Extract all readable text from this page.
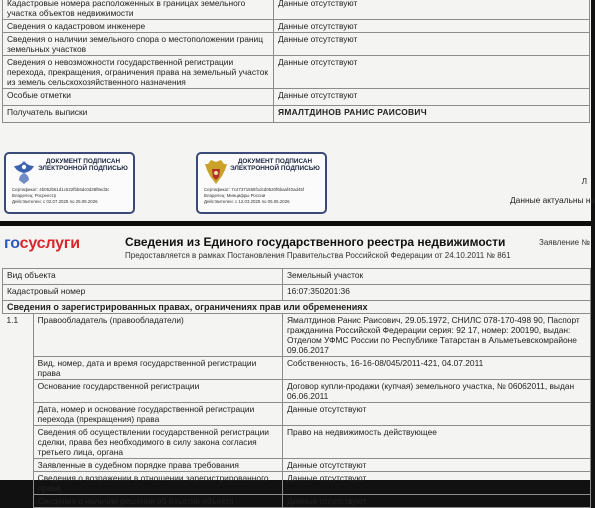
Кадастровые номера расположенных в границах земельного участка объектов недвижимости	Данные отсутствуют
Сведения о кадастровом инженере	Данные отсутствуют
Сведения о наличии земельного спора о местоположении границ земельных участков	Данные отсутствуют
Сведения о невозможности государственной регистрации перехода, прекращения, ограничения права на земельный участок из земель сельскохозяйственного назначения	Данные отсутствуют
Особые отметки	Данные отсутствуют
Получатель выписки	ЯМАЛТДИНОВ РАНИС РАИСОВИЧ
ДОКУМЕНТ ПОДПИСАН ЭЛЕКТРОННОЙ ПОДПИСЬЮ
Сертификат: 4b052b61d1c522fbb6dc0d38f8ed3c
Владелец: Росреестр
Действителен: с 02.07.2025 по 25.09.2026
ДОКУМЕНТ ПОДПИСАН ЭЛЕКТРОННОЙ ПОДПИСЬЮ
Сертификат: 7c47371568f1dcd0520f6baaf40ad45f
Владелец: Минцифры России
Действителен: с 12.03.2025 по 05.06.2026
Л
Данные актуальны на
госуслуги	Сведения из Единого государственного реестра недвижимости
Предоставляется в рамках Постановления Правительства Российской Федерации от 24.10.2011 № 861
Заявление №
Вид объекта		Земельный участок
Кадастровый номер		16:07:350201:36
Сведения о зарегистрированных правах, ограничениях прав или обременениях		
1.1	Правообладатель (правообладатели)	Ямалтдинов Ранис Раисович, 29.05.1972, СНИЛС 078-170-498 90, Паспорт гражданина Российской Федерации серия: 92 17, номер: 200190, выдан: Отделом УФМС России по Республике Татарстан в Альметьевскомрайоне 09.06.2017
	Вид, номер, дата и время государственной регистрации права	Собственность, 16-16-08/045/2011-421, 04.07.2011
	Основание государственной регистрации	Договор купли-продажи (купчая) земельного участка, № 06062011, выдан 06.06.2011
	Дата, номер и основание государственной регистрации перехода (прекращения) права	Данные отсутствуют
	Сведения об осуществлении государственной регистрации сделки, права без необходимого в силу закона согласия третьего лица, органа	Право на недвижимость действующее
	Заявленные в судебном порядке права требования	Данные отсутствуют
	Сведения о возражении в отношении зарегистрированного права	Данные отсутствуют
	Сведения о наличии решения об изъятии объекта	Данные отсутствуют
